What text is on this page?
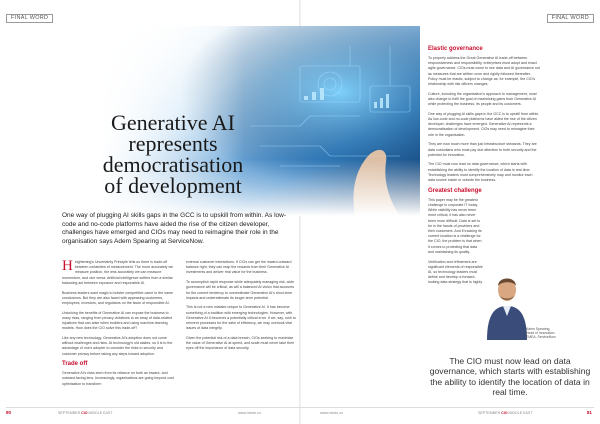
FINAL WORD	FINAL WORD
Generative AI represents democratisation of development
One way of plugging AI skills gaps in the GCC is to upskill from within. As low-code and no-code platforms have aided the rise of the citizen developer, challenges have emerged and CIOs may need to reimagine their role in the organisation says Adem Spearing at ServiceNow.

Heightening’s Uncertainty Principle tells us there is trade-off between certainties of measurement. The more accurately we measure position, the less accurately we can measure momentum, and vice versa. Artificial intelligence suffers from a similar balancing act between exposure and responsible AI.

Business leaders want magic to bolster competitive came to the same conclusions. But they are also faced with appeasing customers, employees, investors, and regulators on the issue of responsible AI.

Unlocking the benefits of Generative AI can expose the business to many risks, ranging from privacy violations to an array of data-related injustices that can arise when builders and using machine-learning models. How does the CIO solve this trade-off?

Like any new technology, Generative AI’s adoption does not come without challenges and risks. At technology’s old stakes, so it is to the advantage of one’s adopter to consider the risks to security and customer privacy before taking any steps toward adoption.

Trade off

Generative AI’s risks stem from its reliance on both an inward- and outward-facing lens. Increasingly, organisations are going beyond cost optimisation to transform

external customer interactions. If CIOs can get the inward-outward balance right, they can reap the rewards from their Generative AI investments and deliver real value for the business.

To accomplish rapid response while adequately managing risk, wide governance will be critical, as will a balanced AI vision that accounts for the current tendency to overestimate Generative AI’s short-term impacts and underestimate its longer-term potential.

This is not a new mistake unique to Generative AI. It has become something of a tradition with emerging technologies. However, with Generative AI it becomes a potentially critical error. If we, say, rush to reinvent processes for the sake of efficiency, we may overlook vital issues of data integrity.

Given the potential risk of a data breach, CIOs seeking to maximise the value of Generative AI at speed, and scale must never take their eyes off the importance of data security.

Elastic governance

To properly address the Great Generative AI trade-off between responsiveness and responsibility, enterprises must adopt and enact agile governance. CIOs must come to see data and AI governance not as measures that are written once and rigidly followed thereafter. Policy must be elastic, subject to change as, for example, the CIO’s relationship with risk officers changes.

Culture, including the organisation’s approach to management, must also change to fulfil the goal of maximising gains from Generative AI while protecting the business, its people and its customers.

One way of plugging AI skills gaps in the GCC is to upskill from within. As low-code and no-code platforms have aided the rise of the citizen developer, challenges have emerged. Generative AI represents a democratisation of development. CIOs may need to reimagine their role in the organisation.

They are now much more than just infrastructure stewards. They are data custodians who must pay due attention to both security and the potential for innovation.

The CIO must now lead on data governance, which starts with establishing the ability to identify the location of data in real time. Technology leaders must comprehensively map and monitor each data source inside or outside the business.

Greatest challenge

This paper may be the greatest challenge in corporate IT today. While visibility has never been more critical, it has also never been more difficult. Data is set to be in the hands of providers and their customers. And if tracking its current location is a challenge for the CIO, the problem is that when it comes to protecting that data and maintaining its quality.

Verification and refinement are significant elements of responsible AI, so technology leaders must define and develop a forward-looking data strategy that is highly

Adem Spearing, Head of Innovation EMEA, ServiceNow
The CIO must now lead on data governance, which starts with establishing the ability to identify the location of data in real time.
80	SEPTEMBER CIO MIDDLE EAST	www.mecio.co	www.mecio.co	SEPTEMBER CIO MIDDLE EAST	81
